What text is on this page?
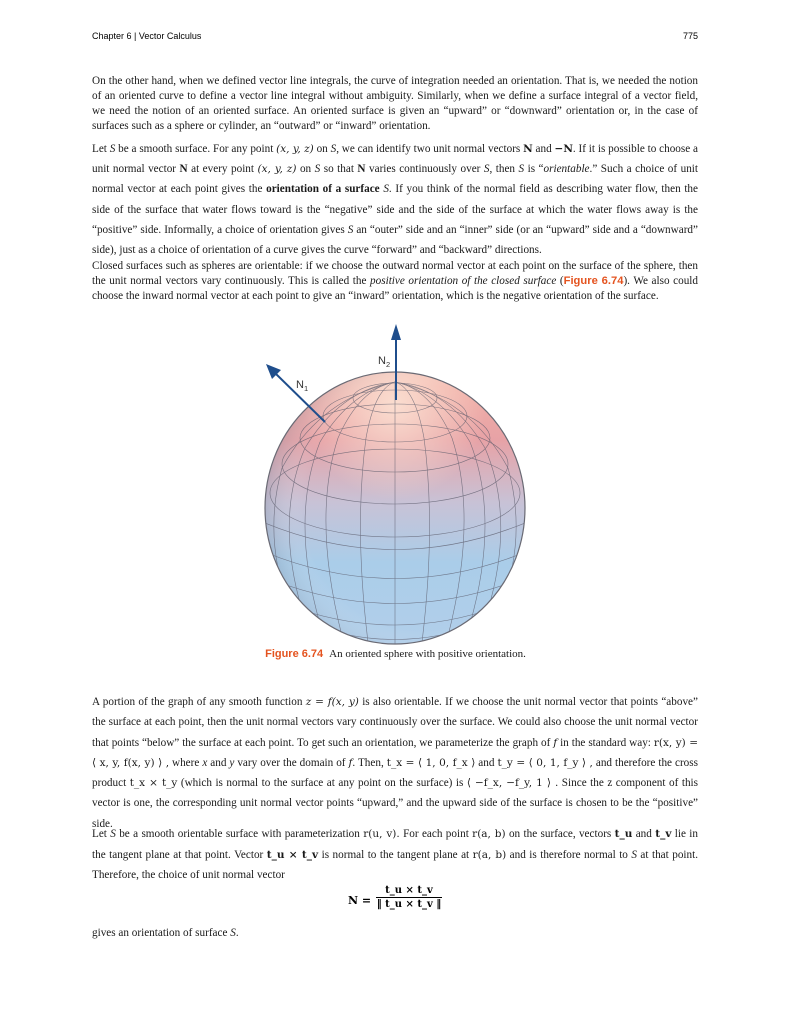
Chapter 6 | Vector Calculus	775

On the other hand, when we defined vector line integrals, the curve of integration needed an orientation. That is, we needed the notion of an oriented curve to define a vector line integral without ambiguity. Similarly, when we define a surface integral of a vector field, we need the notion of an oriented surface. An oriented surface is given an “upward” or “downward” orientation or, in the case of surfaces such as a sphere or cylinder, an “outward” or “inward” orientation.

Let S be a smooth surface. For any point (x, y, z) on S, we can identify two unit normal vectors N and −N. If it is possible to choose a unit normal vector N at every point (x, y, z) on S so that N varies continuously over S, then S is “orientable.” Such a choice of unit normal vector at each point gives the orientation of a surface S. If you think of the normal field as describing water flow, then the side of the surface that water flows toward is the “negative” side and the side of the surface at which the water flows away is the “positive” side. Informally, a choice of orientation gives S an “outer” side and an “inner” side (or an “upward” side and a “downward” side), just as a choice of orientation of a curve gives the curve “forward” and “backward” directions.

Closed surfaces such as spheres are orientable: if we choose the outward normal vector at each point on the surface of the sphere, then the unit normal vectors vary continuously. This is called the positive orientation of the closed surface (Figure 6.74). We also could choose the inward normal vector at each point to give an “inward” orientation, which is the negative orientation of the surface.

$N_2$
$N_1$
Figure 6.74 An oriented sphere with positive orientation.

A portion of the graph of any smooth function z = f(x, y) is also orientable. If we choose the unit normal vector that points “above” the surface at each point, then the unit normal vectors vary continuously over the surface. We could also choose the unit normal vector that points “below” the surface at each point. To get such an orientation, we parameterize the graph of f in the standard way: r(x, y) = ⟨ x, y, f(x, y) ⟩ , where x and y vary over the domain of f. Then, t_x = ⟨ 1, 0, f_x ⟩ and t_y = ⟨ 0, 1, f_y ⟩ , and therefore the cross product t_x × t_y (which is normal to the surface at any point on the surface) is ⟨ −f_x, −f_y, 1 ⟩ . Since the z component of this vector is one, the corresponding unit normal vector points “upward,” and the upward side of the surface is chosen to be the “positive” side.

Let S be a smooth orientable surface with parameterization r(u, v). For each point r(a, b) on the surface, vectors t_u and t_v lie in the tangent plane at that point. Vector t_u × t_v is normal to the tangent plane at r(a, b) and is therefore normal to S at that point. Therefore, the choice of unit normal vector

N =
t_u × t_v
‖ t_u × t_v ‖

gives an orientation of surface S.
